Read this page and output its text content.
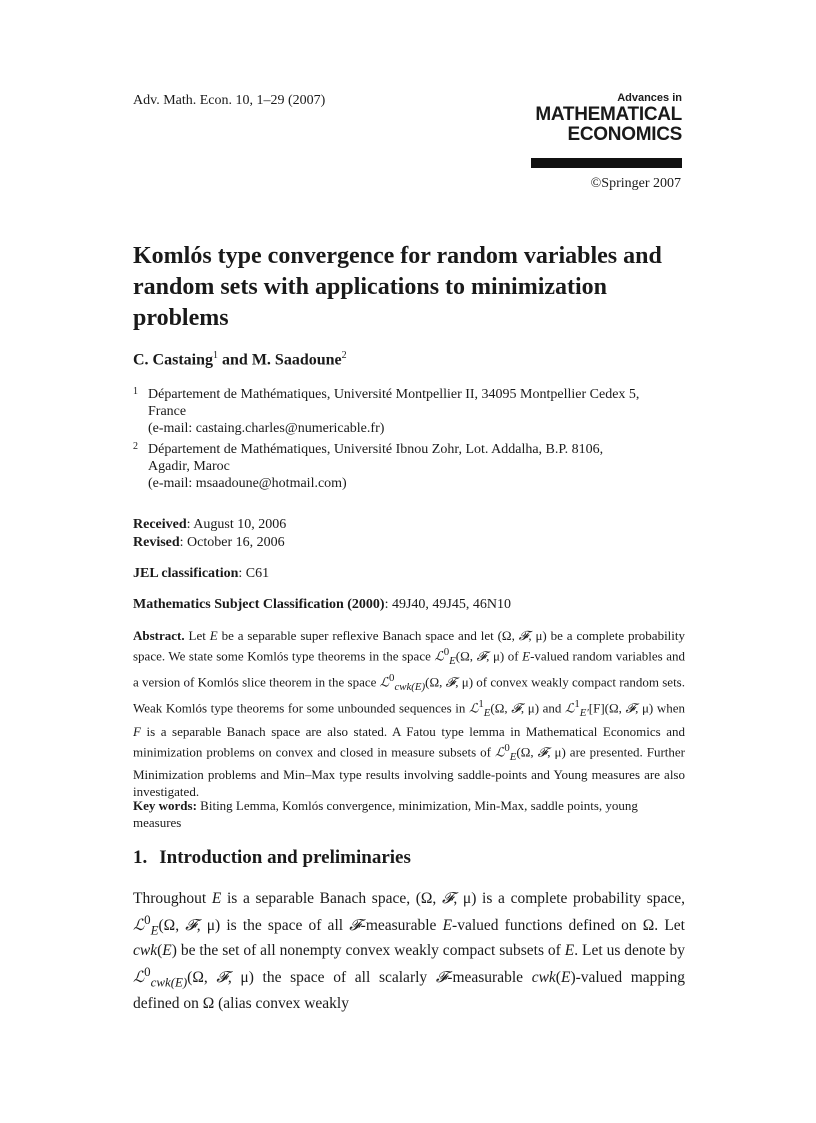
Adv. Math. Econ. 10, 1–29 (2007)	Advances in
MATHEMATICAL
ECONOMICS
©Springer 2007
Komlós type convergence for random variables and random sets with applications to minimization problems
C. Castaing$^1$ and M. Saadoune$^2$
1 Département de Mathématiques, Université Montpellier II, 34095 Montpellier Cedex 5,
France
(e-mail: castaing.charles@numericable.fr)
2 Département de Mathématiques, Université Ibnou Zohr, Lot. Addalha, B.P. 8106,
Agadir, Maroc
(e-mail: msaadoune@hotmail.com)
Received: August 10, 2006
Revised: October 16, 2006
JEL classification: C61
Mathematics Subject Classification (2000): 49J40, 49J45, 46N10
Abstract. Let E be a separable super reflexive Banach space and let (Ω, 𝓕, μ) be a complete probability space. We state some Komlós type theorems in the space ℒ$^0_E$(Ω, 𝓕, μ) of E-valued random variables and a version of Komlós slice theorem in the space ℒ$^0_{cwk(E)}$(Ω, 𝓕, μ) of convex weakly compact random sets. Weak Komlós type theorems for some unbounded sequences in ℒ$^1_E$(Ω, 𝓕, μ) and ℒ$^1_{E'}$[F](Ω, 𝓕, μ) when F is a separable Banach space are also stated. A Fatou type lemma in Mathematical Economics and minimization problems on convex and closed in measure subsets of ℒ$^0_E$(Ω, 𝓕, μ) are presented. Further Minimization problems and Min–Max type results involving saddle-points and Young measures are also investigated.
Key words: Biting Lemma, Komlós convergence, minimization, Min-Max, saddle points, young measures
1. Introduction and preliminaries
Throughout E is a separable Banach space, (Ω, 𝓕, μ) is a complete probability space, ℒ$^0_E$(Ω, 𝓕, μ) is the space of all 𝓕-measurable E-valued functions defined on Ω. Let cwk(E) be the set of all nonempty convex weakly compact subsets of E. Let us denote by ℒ$^0_{cwk(E)}$(Ω, 𝓕, μ) the space of all scalarly 𝓕-measurable cwk(E)-valued mapping defined on Ω (alias convex weakly
